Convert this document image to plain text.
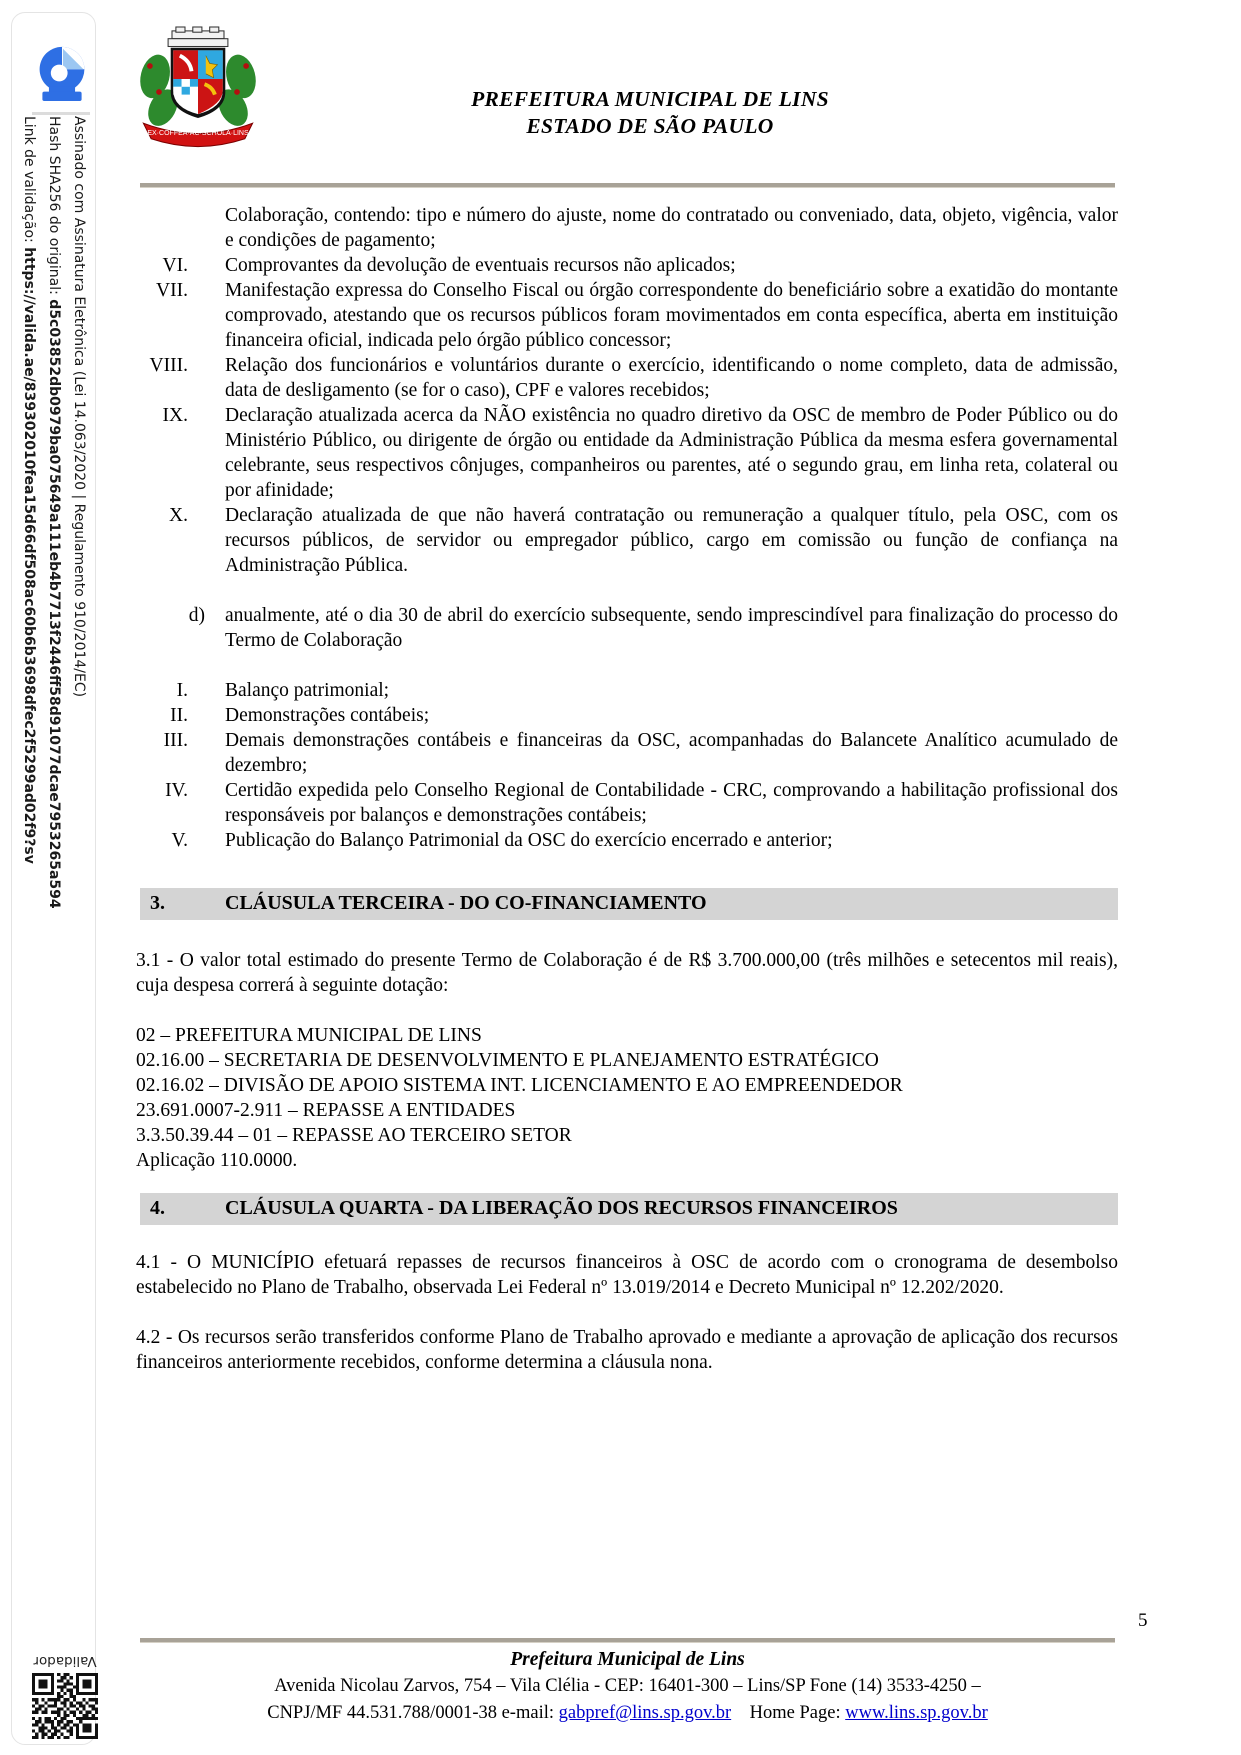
Validador
Assinado com Assinatura Eletrônica (Lei 14.063/2020 | Regulamento 910/2014/EC)
Hash SHA256 do original: d5c03852db0979ba075649a111eb4b7713f2446ff58d91077dcae7953265a594
Link de validação: https://valida.ae/839302010fea15d66df508ac60b6b3698dfec2f5299ad02f9?sv
EX·COFFEA·AC·SCHOLA·LINS
PREFEITURA MUNICIPAL DE LINS
ESTADO DE SÃO PAULO

Colaboração, contendo: tipo e número do ajuste, nome do contratado ou conveniado, data, objeto, vigência, valor e condições de pagamento;

VI. Comprovantes da devolução de eventuais recursos não aplicados;
VII. Manifestação expressa do Conselho Fiscal ou órgão correspondente do beneficiário sobre a exatidão do montante comprovado, atestando que os recursos públicos foram movimentados em conta específica, aberta em instituição financeira oficial, indicada pelo órgão público concessor;
VIII. Relação dos funcionários e voluntários durante o exercício, identificando o nome completo, data de admissão, data de desligamento (se for o caso), CPF e valores recebidos;
IX. Declaração atualizada acerca da NÃO existência no quadro diretivo da OSC de membro de Poder Público ou do Ministério Público, ou dirigente de órgão ou entidade da Administração Pública da mesma esfera governamental celebrante, seus respectivos cônjuges, companheiros ou parentes, até o segundo grau, em linha reta, colateral ou por afinidade;
X. Declaração atualizada de que não haverá contratação ou remuneração a qualquer título, pela OSC, com os recursos públicos, de servidor ou empregador público, cargo em comissão ou função de confiança na Administração Pública.
d) anualmente, até o dia 30 de abril do exercício subsequente, sendo imprescindível para finalização do processo do Termo de Colaboração
I. Balanço patrimonial;
II. Demonstrações contábeis;
III. Demais demonstrações contábeis e financeiras da OSC, acompanhadas do Balancete Analítico acumulado de dezembro;
IV. Certidão expedida pelo Conselho Regional de Contabilidade - CRC, comprovando a habilitação profissional dos responsáveis por balanços e demonstrações contábeis;
V. Publicação do Balanço Patrimonial da OSC do exercício encerrado e anterior;
3.	CLÁUSULA TERCEIRA - DO CO-FINANCIAMENTO

3.1 - O valor total estimado do presente Termo de Colaboração é de R$ 3.700.000,00 (três milhões e setecentos mil reais), cuja despesa correrá à seguinte dotação:

02 – PREFEITURA MUNICIPAL DE LINS
02.16.00 – SECRETARIA DE DESENVOLVIMENTO E PLANEJAMENTO ESTRATÉGICO
02.16.02 – DIVISÃO DE APOIO SISTEMA INT. LICENCIAMENTO E AO EMPREENDEDOR
23.691.0007-2.911 – REPASSE A ENTIDADES
3.3.50.39.44 – 01 – REPASSE AO TERCEIRO SETOR
Aplicação 110.0000.
4.	CLÁUSULA QUARTA - DA LIBERAÇÃO DOS RECURSOS FINANCEIROS

4.1 - O MUNICÍPIO efetuará repasses de recursos financeiros à OSC de acordo com o cronograma de desembolso estabelecido no Plano de Trabalho, observada Lei Federal nº 13.019/2014 e Decreto Municipal nº 12.202/2020.

4.2 - Os recursos serão transferidos conforme Plano de Trabalho aprovado e mediante a aprovação de aplicação dos recursos financeiros anteriormente recebidos, conforme determina a cláusula nona.

5
Prefeitura Municipal de Lins
Avenida Nicolau Zarvos, 754 – Vila Clélia - CEP: 16401-300 – Lins/SP Fone (14) 3533-4250 –
CNPJ/MF 44.531.788/0001-38 e-mail: gabpref@lins.sp.gov.br Home Page: www.lins.sp.gov.br
